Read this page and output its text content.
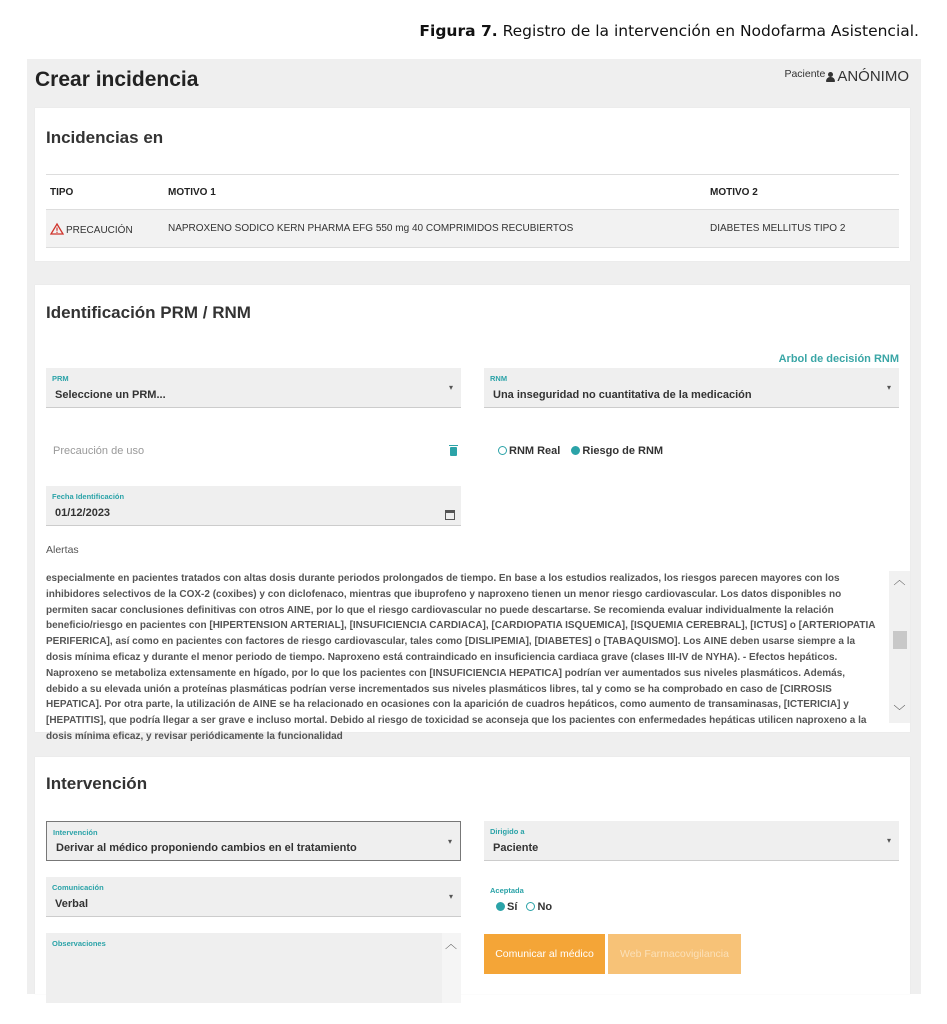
Figura 7. Registro de la intervención en Nodofarma Asistencial.
Crear incidencia	$^{Paciente}$ ANÓNIMO
Incidencias en
TIPO	MOTIVO 1	MOTIVO 2
PRECAUCIÓN	NAPROXENO SODICO KERN PHARMA EFG 550 mg 40 COMPRIMIDOS RECUBIERTOS	DIABETES MELLITUS TIPO 2
Identificación PRM / RNM
Arbol de decisión RNM
PRM
Seleccione un PRM...
▾
RNM
Una inseguridad no cuantitativa de la medicación
▾
Precaución de uso	RNM Real Riesgo de RNM
Fecha Identificación
01/12/2023
Alertas
especialmente en pacientes tratados con altas dosis durante periodos prolongados de tiempo. En base a los estudios realizados, los riesgos parecen mayores con los inhibidores selectivos de la COX-2 (coxibes) y con diclofenaco, mientras que ibuprofeno y naproxeno tienen un menor riesgo cardiovascular. Los datos disponibles no permiten sacar conclusiones definitivas con otros AINE, por lo que el riesgo cardiovascular no puede descartarse. Se recomienda evaluar individualmente la relación beneficio/riesgo en pacientes con [HIPERTENSION ARTERIAL], [INSUFICIENCIA CARDIACA], [CARDIOPATIA ISQUEMICA], [ISQUEMIA CEREBRAL], [ICTUS] o [ARTERIOPATIA PERIFERICA], así como en pacientes con factores de riesgo cardiovascular, tales como [DISLIPEMIA], [DIABETES] o [TABAQUISMO]. Los AINE deben usarse siempre a la dosis mínima eficaz y durante el menor periodo de tiempo. Naproxeno está contraindicado en insuficiencia cardiaca grave (clases III-IV de NYHA). - Efectos hepáticos. Naproxeno se metaboliza extensamente en hígado, por lo que los pacientes con [INSUFICIENCIA HEPATICA] podrían ver aumentados sus niveles plasmáticos. Además, debido a su elevada unión a proteínas plasmáticas podrían verse incrementados sus niveles plasmáticos libres, tal y como se ha comprobado en caso de [CIRROSIS HEPATICA]. Por otra parte, la utilización de AINE se ha relacionado en ocasiones con la aparición de cuadros hepáticos, como aumento de transaminasas, [ICTERICIA] y [HEPATITIS], que podría llegar a ser grave e incluso mortal. Debido al riesgo de toxicidad se aconseja que los pacientes con enfermedades hepáticas utilicen naproxeno a la dosis mínima eficaz, y revisar periódicamente la funcionalidad
︿
﹀
Intervención
Intervención
Derivar al médico proponiendo cambios en el tratamiento
▾
Dirigido a
Paciente
▾
Comunicación
Verbal
▾
Aceptada
Sí No
Observaciones	︿
Comunicar al médico	Web Farmacovigilancia
